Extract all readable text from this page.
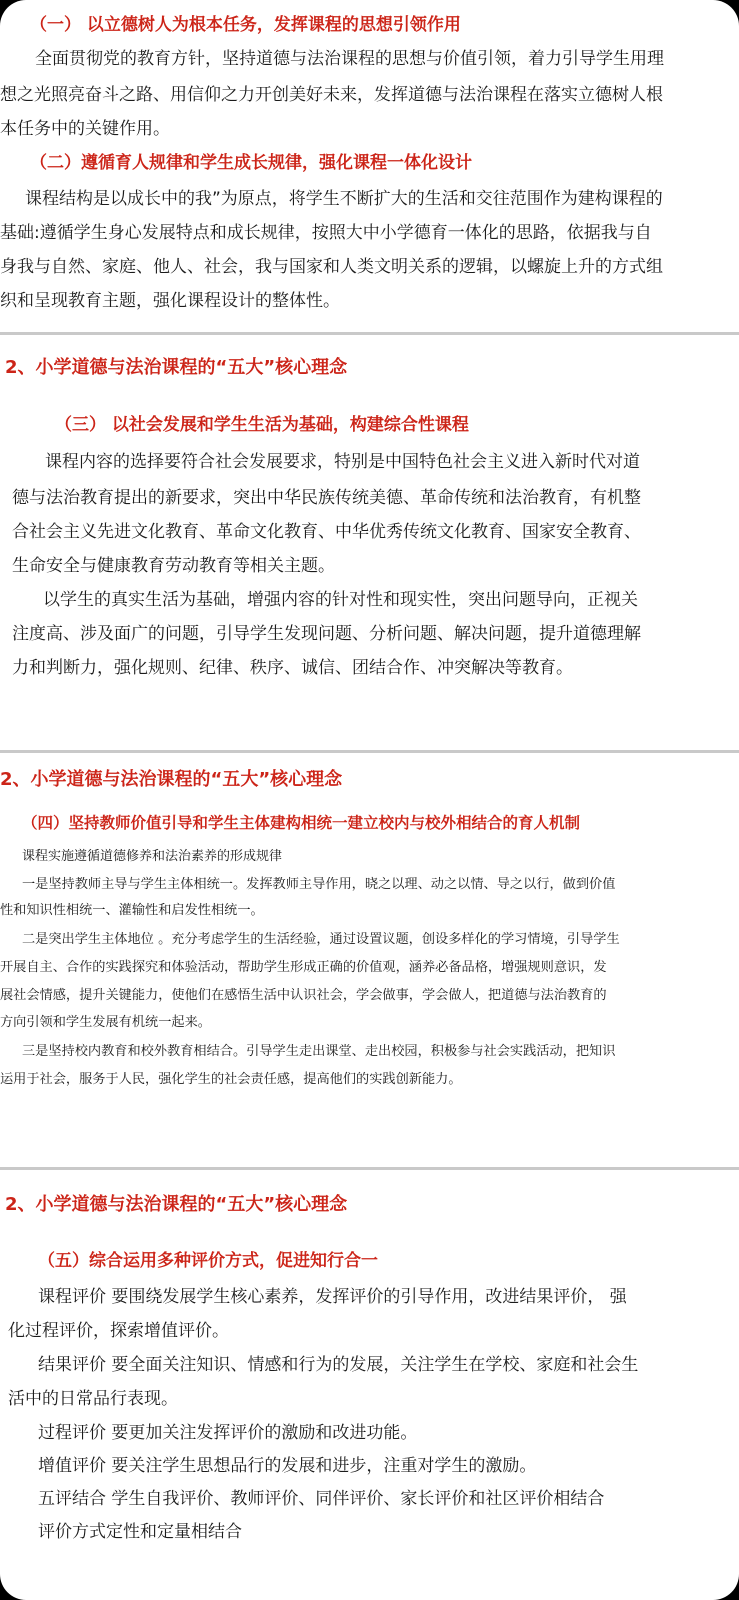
（一） 以立德树人为根本任务，发挥课程的思想引领作用
全面贯彻党的教育方针，坚持道德与法治课程的思想与价值引领，着力引导学生用理
想之光照亮奋斗之路、用信仰之力开创美好未来，发挥道德与法治课程在落实立德树人根
本任务中的关键作用。
（二）遵循育人规律和学生成长规律，强化课程一体化设计
课程结构是以成长中的我”为原点，将学生不断扩大的生活和交往范围作为建构课程的
基础:遵循学生身心发展特点和成长规律，按照大中小学德育一体化的思路，依据我与自
身我与自然、家庭、他人、社会，我与国家和人类文明关系的逻辑，以螺旋上升的方式组
织和呈现教育主题，强化课程设计的整体性。
2、小学道德与法治课程的“五大”核心理念
（三） 以社会发展和学生生活为基础，构建综合性课程
课程内容的选择要符合社会发展要求，特别是中国特色社会主义进入新时代对道
德与法治教育提出的新要求，突出中华民族传统美德、革命传统和法治教育，有机整
合社会主义先进文化教育、革命文化教育、中华优秀传统文化教育、国家安全教育、
生命安全与健康教育劳动教育等相关主题。
以学生的真实生活为基础，增强内容的针对性和现实性，突出问题导向，正视关
注度高、涉及面广的问题，引导学生发现问题、分析问题、解决问题，提升道德理解
力和判断力，强化规则、纪律、秩序、诚信、团结合作、冲突解决等教育。
2、小学道德与法治课程的“五大”核心理念
（四）坚持教师价值引导和学生主体建构相统一建立校内与校外相结合的育人机制
课程实施遵循道德修养和法治素养的形成规律
一是坚持教师主导与学生主体相统一。发挥教师主导作用，晓之以理、动之以情、导之以行，做到价值
性和知识性相统一、灌输性和启发性相统一。
二是突出学生主体地位 。充分考虑学生的生活经验，通过设置议题，创设多样化的学习情境，引导学生
开展自主、合作的实践探究和体验活动，帮助学生形成正确的价值观，涵养必备品格，增强规则意识，发
展社会情感，提升关键能力，使他们在感悟生活中认识社会，学会做事，学会做人，把道德与法治教育的
方向引领和学生发展有机统一起来。
三是坚持校内教育和校外教育相结合。引导学生走出课堂、走出校园，积极参与社会实践活动，把知识
运用于社会，服务于人民，强化学生的社会责任感，提高他们的实践创新能力。
2、小学道德与法治课程的“五大”核心理念
（五）综合运用多种评价方式，促进知行合一
课程评价 要围绕发展学生核心素养，发挥评价的引导作用，改进结果评价， 强
化过程评价，探索增值评价。
结果评价 要全面关注知识、情感和行为的发展，关注学生在学校、家庭和社会生
活中的日常品行表现。
过程评价 要更加关注发挥评价的激励和改进功能。
增值评价 要关注学生思想品行的发展和进步，注重对学生的激励。
五评结合 学生自我评价、教师评价、同伴评价、家长评价和社区评价相结合
评价方式定性和定量相结合
